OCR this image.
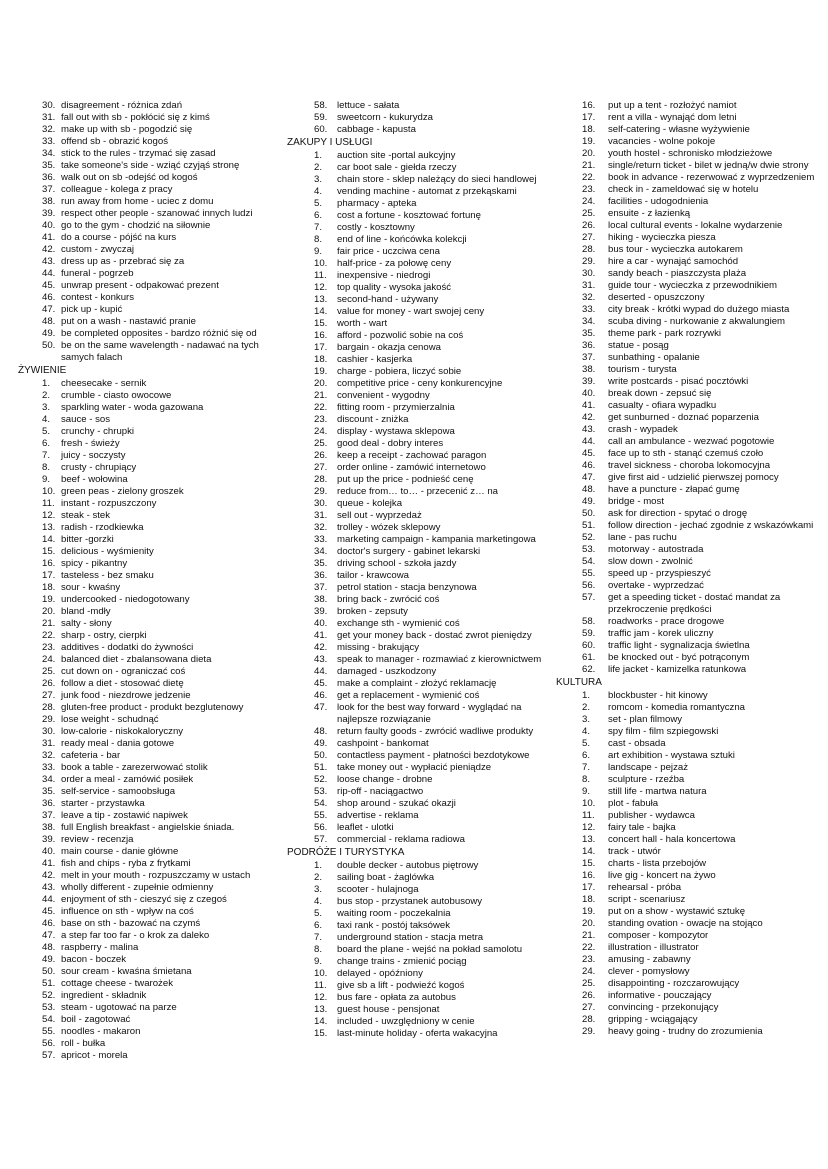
30. disagreement - różnica zdań
31. fall out with sb - pokłócić się z kimś
32. make up with sb - pogodzić się
33. offend sb - obrazić kogoś
34. stick to the rules - trzymać się zasad
35. take someone's side - wziąć czyjąś stronę
36. walk out on sb -odejść od kogoś
37. colleague - kolega z pracy
38. run away from home - uciec z domu
39. respect other people - szanować innych ludzi
40. go to the gym - chodzić na siłownie
41. do a course - pójść na kurs
42. custom - zwyczaj
43. dress up as - przebrać się za
44. funeral - pogrzeb
45. unwrap present - odpakować prezent
46. contest - konkurs
47. pick up - kupić
48. put on a wash - nastawić pranie
49. be completed opposites - bardzo różnić się od
50. be on the same wavelength - nadawać na tych samych falach
ŻYWIENIE
1. cheesecake - sernik
2. crumble - ciasto owocowe
3. sparkling water - woda gazowana
4. sauce - sos
5. crunchy - chrupki
6. fresh - świeży
7. juicy - soczysty
8. crusty - chrupiący
9. beef - wołowina
10. green peas - zielony groszek
11. instant - rozpuszczony
12. steak - stek
13. radish - rzodkiewka
14. bitter -gorzki
15. delicious - wyśmienity
16. spicy - pikantny
17. tasteless - bez smaku
18. sour - kwaśny
19. undercooked - niedogotowany
20. bland -mdły
21. salty - słony
22. sharp - ostry, cierpki
23. additives - dodatki do żywności
24. balanced diet - zbalansowana dieta
25. cut down on - ograniczać coś
26. follow a diet - stosować dietę
27. junk food - niezdrowe jedzenie
28. gluten-free product - produkt bezglutenowy
29. lose weight - schudnąć
30. low-calorie - niskokaloryczny
31. ready meal - dania gotowe
32. cafeteria - bar
33. book a table - zarezerwować stolik
34. order a meal - zamówić posiłek
35. self-service - samoobsługa
36. starter - przystawka
37. leave a tip - zostawić napiwek
38. full English breakfast - angielskie śniada.
39. review - recenzja
40. main course - danie główne
41. fish and chips - ryba z frytkami
42. melt in your mouth - rozpuszczamy w ustach
43. wholly different - zupełnie odmienny
44. enjoyment of sth - cieszyć się z czegoś
45. influence on sth - wpływ na coś
46. base on sth - bazować na czymś
47. a step far too far - o krok za daleko
48. raspberry - malina
49. bacon - boczek
50. sour cream - kwaśna śmietana
51. cottage cheese - twarożek
52. ingredient - składnik
53. steam - ugotować na parze
54. boil - zagotować
55. noodles - makaron
56. roll - bułka
57. apricot - morela
58. lettuce - sałata
59. sweetcorn - kukurydza
60. cabbage - kapusta
ZAKUPY I USŁUGI
1. auction site -portal aukcyjny
2. car boot sale - giełda rzeczy
3. chain store - sklep należący do sieci handlowej
4. vending machine - automat z przekąskami
5. pharmacy - apteka
6. cost a fortune - kosztować fortunę
7. costly - kosztowny
8. end of line - końcówka kolekcji
9. fair price - uczciwa cena
10. half-price - za połowę ceny
11. inexpensive - niedrogi
12. top quality - wysoka jakość
13. second-hand - używany
14. value for money - wart swojej ceny
15. worth - wart
16. afford - pozwolić sobie na coś
17. bargain - okazja cenowa
18. cashier - kasjerka
19. charge - pobiera, liczyć sobie
20. competitive price - ceny konkurencyjne
21. convenient - wygodny
22. fitting room - przymierzalnia
23. discount - zniżka
24. display - wystawa sklepowa
25. good deal - dobry interes
26. keep a receipt - zachować paragon
27. order online - zamówić internetowo
28. put up the price - podnieść cenę
29. reduce from… to… - przecenić z… na
30. queue - kolejka
31. sell out - wyprzedaż
32. trolley - wózek sklepowy
33. marketing campaign - kampania marketingowa
34. doctor's surgery - gabinet lekarski
35. driving school - szkoła jazdy
36. tailor - krawcowa
37. petrol station - stacja benzynowa
38. bring back - zwrócić coś
39. broken - zepsuty
40. exchange sth - wymienić coś
41. get your money back - dostać zwrot pieniędzy
42. missing - brakujący
43. speak to manager - rozmawiać z kierownictwem
44. damaged - uszkodzony
45. make a complaint - złożyć reklamację
46. get a replacement - wymienić coś
47. look for the best way forward - wyglądać na najlepsze rozwiązanie
48. return faulty goods - zwrócić wadliwe produkty
49. cashpoint - bankomat
50. contactless payment - płatności bezdotykowe
51. take money out - wypłacić pieniądze
52. loose change - drobne
53. rip-off - naciągactwo
54. shop around - szukać okazji
55. advertise - reklama
56. leaflet - ulotki
57. commercial - reklama radiowa
PODRÓŻE I TURYSTYKA
1. double decker - autobus piętrowy
2. sailing boat - żaglówka
3. scooter - hulajnoga
4. bus stop - przystanek autobusowy
5. waiting room - poczekalnia
6. taxi rank - postój taksówek
7. underground station - stacja metra
8. board the plane - wejść na pokład samolotu
9. change trains - zmienić pociąg
10. delayed - opóźniony
11. give sb a lift - podwieźć kogoś
12. bus fare - opłata za autobus
13. guest house - pensjonat
14. included - uwzględniony w cenie
15. last-minute holiday - oferta wakacyjna
16. put up a tent - rozłożyć namiot
17. rent a villa - wynająć dom letni
18. self-catering - własne wyżywienie
19. vacancies - wolne pokoje
20. youth hostel - schronisko młodzieżowe
21. single/return ticket - bilet w jedną/w dwie strony
22. book in advance - rezerwować z wyprzedzeniem
23. check in - zameldować się w hotelu
24. facilities - udogodnienia
25. ensuite - z łazienką
26. local cultural events - lokalne wydarzenie
27. hiking - wycieczka piesza
28. bus tour - wycieczka autokarem
29. hire a car - wynająć samochód
30. sandy beach - piaszczysta plaża
31. guide tour - wycieczka z przewodnikiem
32. deserted - opuszczony
33. city break - krótki wypad do dużego miasta
34. scuba diving - nurkowanie z akwalungiem
35. theme park - park rozrywki
36. statue - posąg
37. sunbathing - opalanie
38. tourism - turysta
39. write postcards - pisać pocztówki
40. break down - zepsuć się
41. casualty - ofiara wypadku
42. get sunburned - doznać poparzenia
43. crash - wypadek
44. call an ambulance - wezwać pogotowie
45. face up to sth - stanąć czemuś czoło
46. travel sickness - choroba lokomocyjna
47. give first aid - udzielić pierwszej pomocy
48. have a puncture - złapać gumę
49. bridge - most
50. ask for direction - spytać o drogę
51. follow direction - jechać zgodnie z wskazówkami
52. lane - pas ruchu
53. motorway - autostrada
54. slow down - zwolnić
55. speed up - przyspieszyć
56. overtake - wyprzedzać
57. get a speeding ticket - dostać mandat za przekroczenie prędkości
58. roadworks - prace drogowe
59. traffic jam - korek uliczny
60. traffic light - sygnalizacja świetlna
61. be knocked out - być potrąconym
62. life jacket - kamizelka ratunkowa
KULTURA
1. blockbuster - hit kinowy
2. romcom - komedia romantyczna
3. set - plan filmowy
4. spy film - film szpiegowski
5. cast - obsada
6. art exhibition - wystawa sztuki
7. landscape - pejzaż
8. sculpture - rzeźba
9. still life - martwa natura
10. plot - fabuła
11. publisher - wydawca
12. fairy tale - bajka
13. concert hall - hala koncertowa
14. track - utwór
15. charts - lista przebojów
16. live gig - koncert na żywo
17. rehearsal - próba
18. script - scenariusz
19. put on a show - wystawić sztukę
20. standing ovation - owacje na stojąco
21. composer - kompozytor
22. illustration - illustrator
23. amusing - zabawny
24. clever - pomysłowy
25. disappointing - rozczarowujący
26. informative - pouczający
27. convincing - przekonujący
28. gripping - wciągający
29. heavy going - trudny do zrozumienia
